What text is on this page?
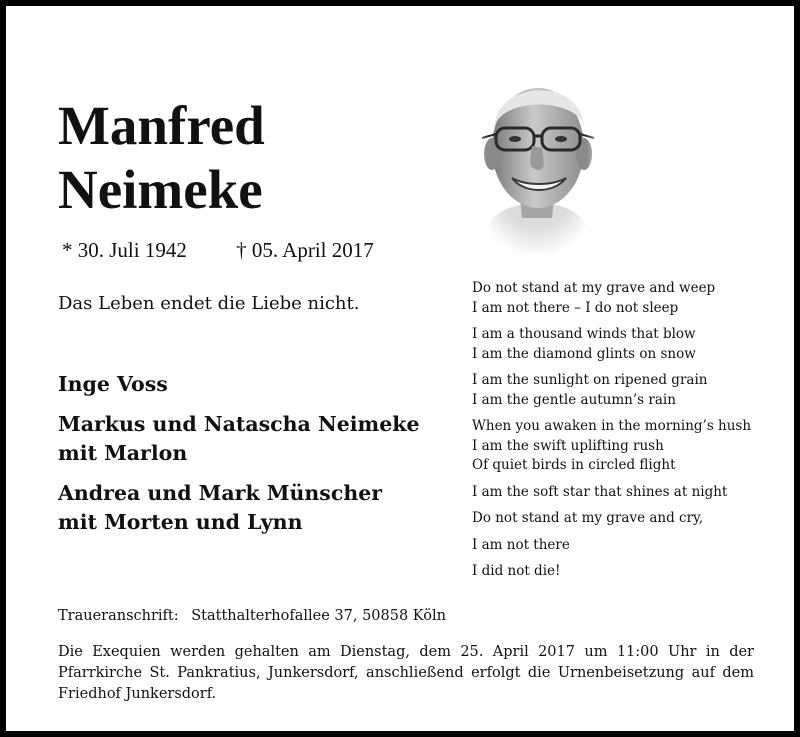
Manfred
Neimeke
* 30. Juli 1942 † 05. April 2017
Das Leben endet die Liebe nicht.
Inge Voss
Markus und Natascha Neimeke
mit Marlon
Andrea und Mark Münscher
mit Morten und Lynn
Do not stand at my grave and weep
I am not there – I do not sleep
I am a thousand winds that blow
I am the diamond glints on snow
I am the sunlight on ripened grain
I am the gentle autumn’s rain
When you awaken in the morning’s hush
I am the swift uplifting rush
Of quiet birds in circled flight
I am the soft star that shines at night
Do not stand at my grave and cry,
I am not there
I did not die!
Traueranschrift: Statthalterhofallee 37, 50858 Köln
Die Exequien werden gehalten am Dienstag, dem 25. April 2017 um 11:00 Uhr in der Pfarrkirche St. Pankratius, Junkersdorf, anschließend erfolgt die Urnenbeisetzung auf dem Friedhof Junkersdorf.
